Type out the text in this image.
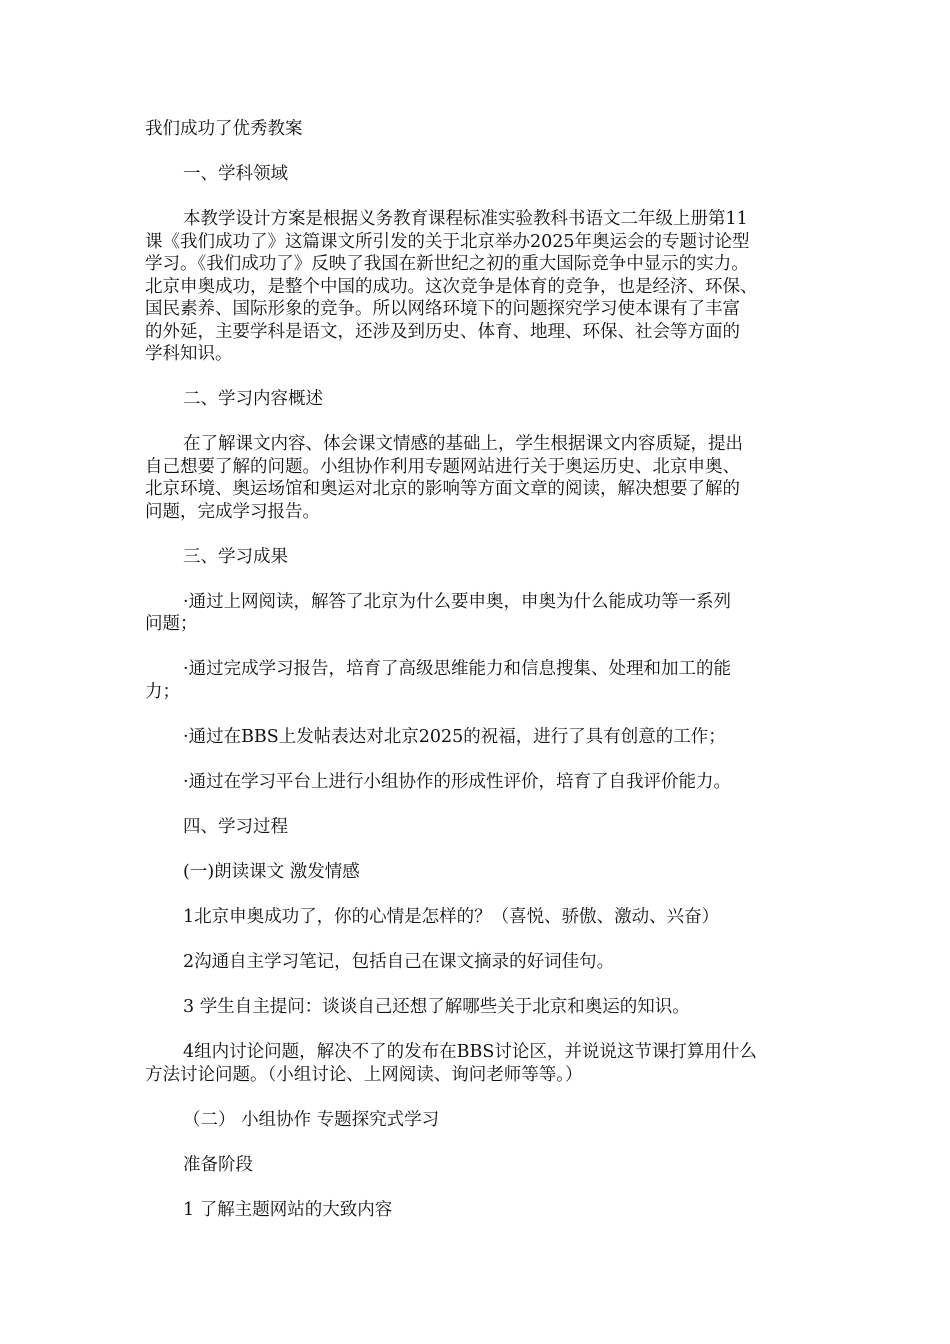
我们成功了优秀教案

一、学科领域

本教学设计方案是根据义务教育课程标准实验教科书语文二年级上册第11

课《我们成功了》这篇课文所引发的关于北京举办2025年奥运会的专题讨论型

学习。《我们成功了》反映了我国在新世纪之初的重大国际竞争中显示的实力。

北京申奥成功，是整个中国的成功。这次竞争是体育的竞争，也是经济、环保、

国民素养、国际形象的竞争。所以网络环境下的问题探究学习使本课有了丰富

的外延，主要学科是语文，还涉及到历史、体育、地理、环保、社会等方面的

学科知识。

二、学习内容概述

在了解课文内容、体会课文情感的基础上，学生根据课文内容质疑，提出

自己想要了解的问题。小组协作利用专题网站进行关于奥运历史、北京申奥、

北京环境、奥运场馆和奥运对北京的影响等方面文章的阅读，解决想要了解的

问题，完成学习报告。

三、学习成果

·通过上网阅读，解答了北京为什么要申奥，申奥为什么能成功等一系列

问题；

·通过完成学习报告，培育了高级思维能力和信息搜集、处理和加工的能

力；

·通过在BBS上发帖表达对北京2025的祝福，进行了具有创意的工作；

·通过在学习平台上进行小组协作的形成性评价，培育了自我评价能力。

四、学习过程

(一)朗读课文 激发情感

1北京申奥成功了，你的心情是怎样的？（喜悦、骄傲、激动、兴奋）

2沟通自主学习笔记，包括自己在课文摘录的好词佳句。

3 学生自主提问：谈谈自己还想了解哪些关于北京和奥运的知识。

4组内讨论问题，解决不了的发布在BBS讨论区，并说说这节课打算用什么

方法讨论问题。（小组讨论、上网阅读、询问老师等等。）

（二） 小组协作 专题探究式学习

准备阶段

1 了解主题网站的大致内容
